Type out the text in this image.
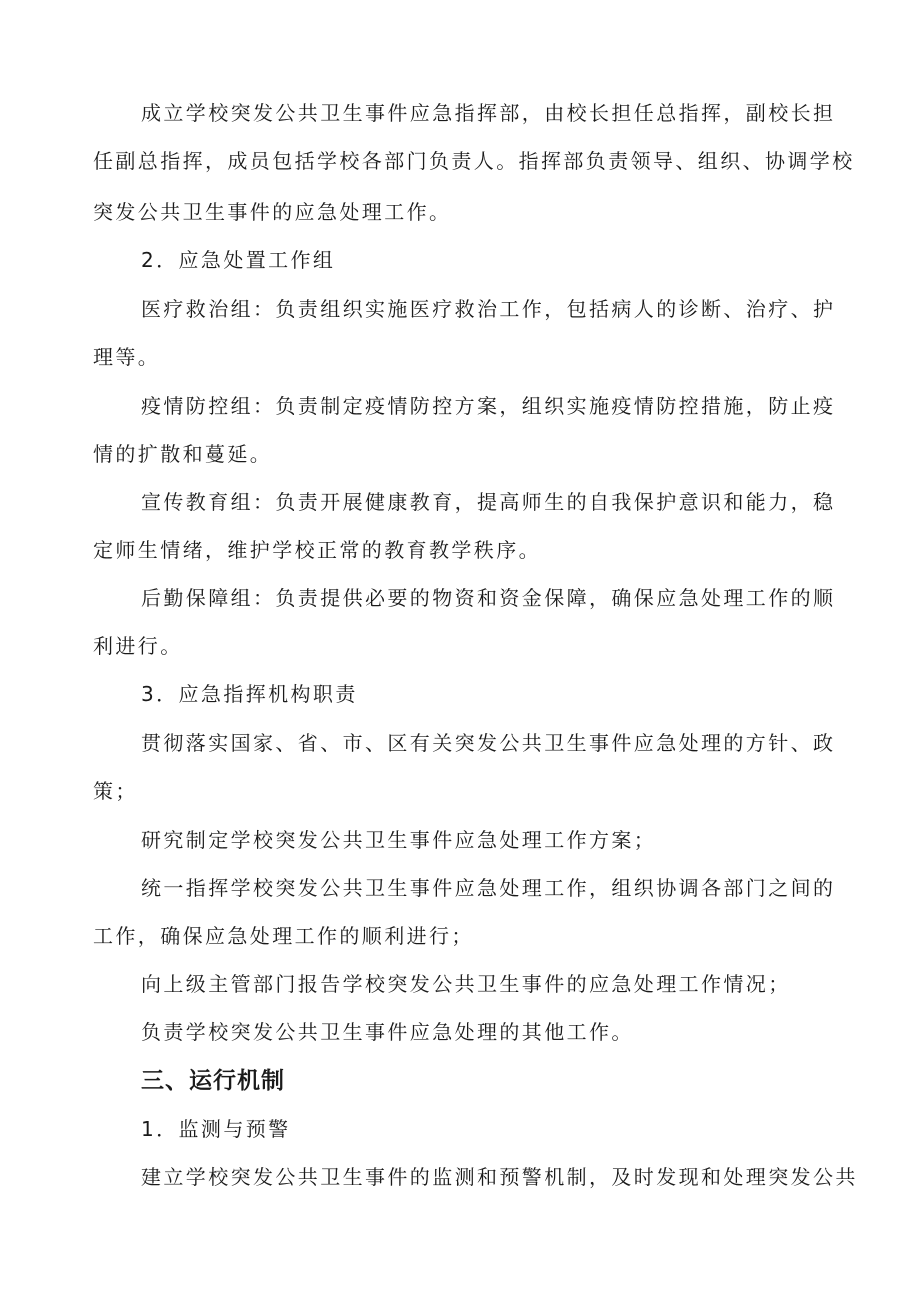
成立学校突发公共卫生事件应急指挥部，由校长担任总指挥，副校长担
任副总指挥，成员包括学校各部门负责人。指挥部负责领导、组织、协调学校
突发公共卫生事件的应急处理工作。
2．应急处置工作组
医疗救治组：负责组织实施医疗救治工作，包括病人的诊断、治疗、护
理等。
疫情防控组：负责制定疫情防控方案，组织实施疫情防控措施，防止疫
情的扩散和蔓延。
宣传教育组：负责开展健康教育，提高师生的自我保护意识和能力，稳
定师生情绪，维护学校正常的教育教学秩序。
后勤保障组：负责提供必要的物资和资金保障，确保应急处理工作的顺
利进行。
3．应急指挥机构职责
贯彻落实国家、省、市、区有关突发公共卫生事件应急处理的方针、政
策；
研究制定学校突发公共卫生事件应急处理工作方案；
统一指挥学校突发公共卫生事件应急处理工作，组织协调各部门之间的
工作，确保应急处理工作的顺利进行；
向上级主管部门报告学校突发公共卫生事件的应急处理工作情况；
负责学校突发公共卫生事件应急处理的其他工作。
三、运行机制
1．监测与预警
建立学校突发公共卫生事件的监测和预警机制，及时发现和处理突发公共
